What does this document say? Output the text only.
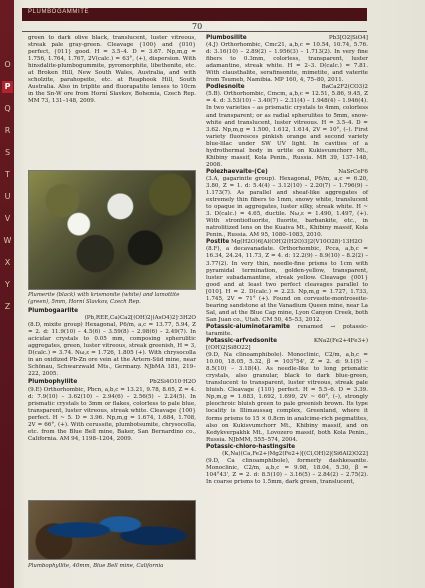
O
P
Q
R
S
T
U
V
W
X
Y
Z
PLUMBOGAMMITE
70

green to dark olive black, translucent, luster vitreous, streak pale gray-green. Cleavage {100} and {010} perfect, {011} good. H = 3.5–4. D = 3.67. Np,m,g = 1.756, 1.764, 1.767, 2V(calc.) = 63°, (+), dispersion. With hinsdalite-plumbogummite, pyromorphite, libethenite, etc. at Broken Hill, New South Wales, Australia, and with scholzite, parahopeite, etc. at Reaphook Hill, South Australia. Also in triplite and fluorapatite lenses to 10cm in the Sn-W ore from Horní Slavkov, Bohemia, Czech Rep. MM 73, 131–148, 2009.

Plumerite (black) with krismonite (white) and lamottite (green), 5mm, Horní Slavkov, Czech Rep.
Plumbogaarlite
(Pb,REE,Ca)Ca2[(OH)2|(AsO4)2]·3H2O

(8.D, mixite group) Hexagonal, P6/m, a,c = 13.77, 5.94, Z = 2. d: 11.9(10) – 4.5(6) – 3.59(8) – 2.98(6) – 2.49(7). In acicular crystals to 0.05 mm, composing spherulitic aggregates, green, luster vitreous, streak greenish, H = 3, D(calc.) = 3.74. Nω,ε = 1.726, 1.805 (+). With chrysocolla in an oxidized Pb-Zn ore vein at the Artern-Süd mine, near Schönau, Schwarzwald Mts., Germany. NJbMA 181, 219–222, 2005.

Plumbophyllite	Pb2Si4O10·H2O

(9.E) Orthorhombic, Pbcn, a,b,c = 13.21, 9.78, 8.65, Z = 4. d: 7.9(10) – 3.62(10) – 2.94(6) – 2.56(5) – 2.24(5). In prismatic crystals to 3mm or flakes, colorless to pale blue, transparent, luster vitreous, streak white. Cleavage {100} perfect. H ~ 5. D = 3.96. Np,m,g = 1.674, 1.684, 1.708, 2V = 66°, (+). With cerussite, plumbotsumite, chrysocolla, etc. from the Blue Bell mine, Baker, San Bernardino co., California. AM 94, 1198–1204, 2009.

Plumbophyllite, 40mm, Blue Bell mine, California
Plumbosilite	Pb3[O2|SiO4]

(4.J) Orthorhombic, Cmc21, a,b,c = 10.54, 10.74, 5.76. d: 3.16(10) – 2.89(2) – 1.956(3) – 1.713(2). In very fine fibers to 0.3mm, colorless, transparent, luster adamantine, streak white. H = 2–3. D(calc.) = 7.81. With clausthalite, serafinsonite, mimetite, and vaterite from Tsumeb, Namibia. MP 160, 4, 75–80, 2011.

Podlesnoite	BaCa2F2(CO3)2

(5.B). Orthorhombic, Cmcm, a,b,c = 12.51, 5.86, 9.45, Z = 4. d: 3.53(10) – 3.40(7) – 2.31(4) – 1.948(4) – 1.946(4). In two varieties – as prismatic crystals to 4mm, colorless and transparent; or as radial spherulites to 5mm, snow-white and translucent, luster vitreous. H = 3.5–4. D = 3.62. Np,m,g = 1.500, 1.612, 1.614, 2V = 10°, (–). First variety fluoresces pinkish orange and second variety blue-lilac under SW UV light. In cavities of a hydrothermal body in urtite on Kukisvumchorr Mt., Khibiny massif, Kola Penin., Russia. MR 39, 137–148, 2008.

Polezhaevaite-(Ce)	NaSrCeF6

(3.A, gagarinite group). Hexagonal, P6/m, a,c = 6.20, 3.80, Z = 1. d: 5.4(4) – 3.12(10) – 2.20(7) – 1.796(9) – 1.173(7). As parallel and sheaf-like aggregates of extremely thin fibers to 1mm, snowy white, translucent to opaque in aggregates, luster silky, streak white. H ~ 3. D(calc.) = 4.65, ductile. Nω,ε = 1.490, 1.497, (+). With strontiofluorite, fluorite, barbankite, etc., in natrolitized lens on the Kuaiva Mt., Khibiny massif, Kola Penin., Russia. AM 95, 1080–1083, 2010.

Postite Mg(H2O)6[Al(OH)2(H2O)3]2(V10O28)·13H2O

(8.F), a decavanadate. Orthorhombic, Pcca, a,b,c = 16.34, 24.24, 11.73, Z = 4. d: 12.2(9) – 8.9(10) – 8.2(2) – 3.77(2). In very thin, needle-fine prisms to 1cm with pyramidal termination, golden-yellow, transparent, luster subadamantine, streak yellow. Cleavage {001} good and at least two perfect cleavages parallel to [010]. H = 2. D(calc.) = 2.23. Np,m,g = 1.727, 1.733, 1.745, 2V = 71° (+). Found on corvusite-montroseite-bearing sandstone at the Vanadium Queen mine, near La Sal, and at the Blue Cap mine, Lyon Canyon Creek, both San Juan co., Utah. CM 50, 45–53, 2012.

Potassic-aluminotaramite renamed → potassic-taramite.

Potassic-arfvedsonite	KNa2(Fe2+4Fe3+)[(OH)2|Si8O22]

(9.D, Na clinoamphibole). Monoclinic, C2/m, a,b,c = 10.00, 18.05, 5.32, β = 103°54', Z = 2. d: 9.1(5) – 8.5(10) – 3.18(4). As needle-like to long prismatic crystals, also granular, black to dark blue-green, translucent to transparent, luster vitreous, streak pale bluish. Cleavage {110} perfect. H = 5.5–6. D = 3.39. Np,m,g = 1.683, 1.692, 1.699, 2V ~ 60°, (–), strongly pleochroic bluish green to pale greenish brown. Its type locality is Illimaussaq complex, Greenland, where it forms prisms to 15 × 0.8cm in analcime-rich pegmatites, also on Kukisvumchorr Mt., Khibiny massif, and on Kedykverpakhk Mt., Lovozero massif, both Kola Penin., Russia. NJbMM, 555–574, 2004.

Potassic-chloro-hastingsite
(K,Na)(Ca,Fe2+)Mg2(Fe2+)[(Cl,OH)2|(Si6Al2)O22]

(9.D, Ca clinoamphibole), formerly dashkesanite. Monoclinic, C2/m, a,b,c = 9.98, 18.04, 5.30, β = 104°43', Z = 2. d: 8.5(10) – 3.16(5) – 2.84(2) – 2.75(2). In coarse prisms to 1.5mm, dark green, translucent,
